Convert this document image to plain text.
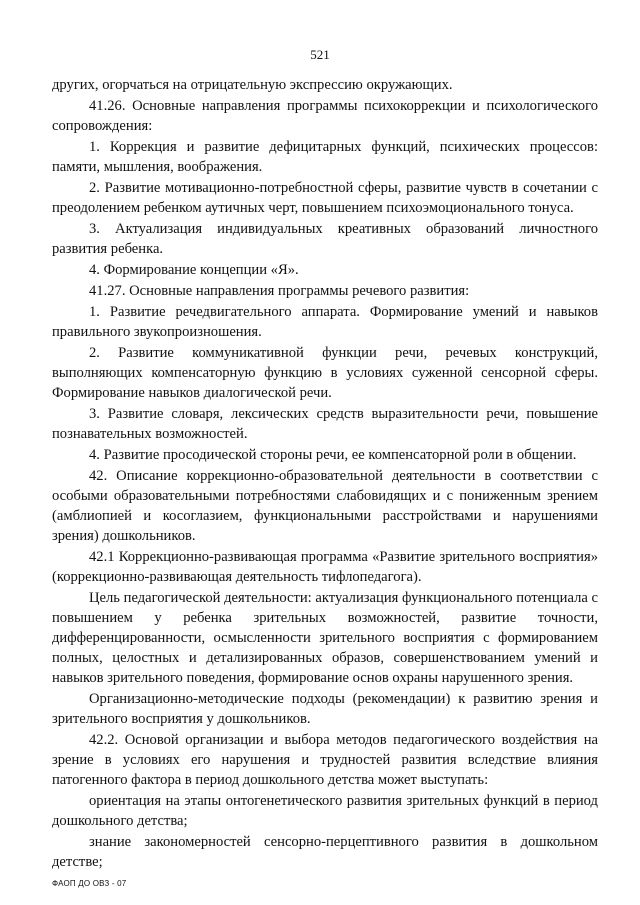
521

других, огорчаться на отрицательную экспрессию окружающих.

41.26. Основные направления программы психокоррекции и психологического сопровождения:

1. Коррекция и развитие дефицитарных функций, психических процессов: памяти, мышления, воображения.

2. Развитие мотивационно-потребностной сферы, развитие чувств в сочетании с преодолением ребенком аутичных черт, повышением психоэмоционального тонуса.

3. Актуализация индивидуальных креативных образований личностного развития ребенка.

4. Формирование концепции «Я».

41.27. Основные направления программы речевого развития:

1. Развитие речедвигательного аппарата. Формирование умений и навыков правильного звукопроизношения.

2. Развитие коммуникативной функции речи, речевых конструкций, выполняющих компенсаторную функцию в условиях суженной сенсорной сферы. Формирование навыков диалогической речи.

3. Развитие словаря, лексических средств выразительности речи, повышение познавательных возможностей.

4. Развитие просодической стороны речи, ее компенсаторной роли в общении.

42. Описание коррекционно-образовательной деятельности в соответствии с особыми образовательными потребностями слабовидящих и с пониженным зрением (амблиопией и косоглазием, функциональными расстройствами и нарушениями зрения) дошкольников.

42.1 Коррекционно-развивающая программа «Развитие зрительного восприятия» (коррекционно-развивающая деятельность тифлопедагога).

Цель педагогической деятельности: актуализация функционального потенциала с повышением у ребенка зрительных возможностей, развитие точности, дифференцированности, осмысленности зрительного восприятия с формированием полных, целостных и детализированных образов, совершенствованием умений и навыков зрительного поведения, формирование основ охраны нарушенного зрения.

Организационно-методические подходы (рекомендации) к развитию зрения и зрительного восприятия у дошкольников.

42.2. Основой организации и выбора методов педагогического воздействия на зрение в условиях его нарушения и трудностей развития вследствие влияния патогенного фактора в период дошкольного детства может выступать:

ориентация на этапы онтогенетического развития зрительных функций в период дошкольного детства;

знание закономерностей сенсорно-перцептивного развития в дошкольном детстве;

ФАОП ДО ОВЗ - 07
